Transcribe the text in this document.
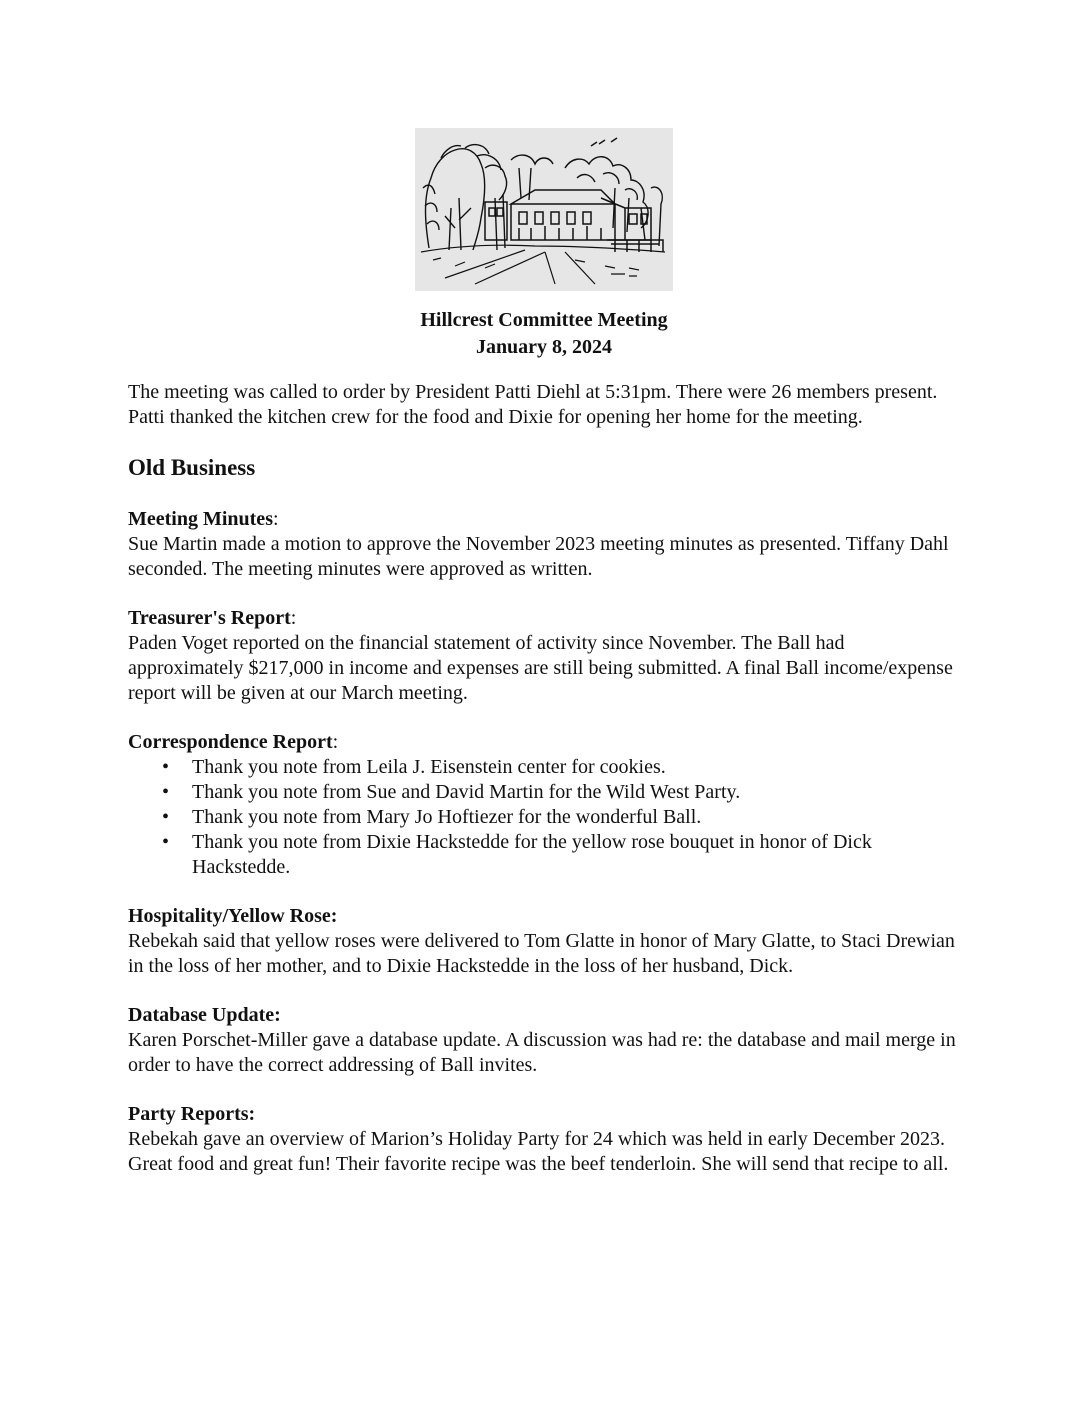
Hillcrest Committee Meeting
January 8, 2024

The meeting was called to order by President Patti Diehl at 5:31pm. There were 26 members present. Patti thanked the kitchen crew for the food and Dixie for opening her home for the meeting.

Old Business

Meeting Minutes:

Sue Martin made a motion to approve the November 2023 meeting minutes as presented. Tiffany Dahl seconded. The meeting minutes were approved as written.

Treasurer's Report:

Paden Voget reported on the financial statement of activity since November. The Ball had approximately $217,000 in income and expenses are still being submitted. A final Ball income/expense report will be given at our March meeting.

Correspondence Report:

• Thank you note from Leila J. Eisenstein center for cookies.
• Thank you note from Sue and David Martin for the Wild West Party.
• Thank you note from Mary Jo Hoftiezer for the wonderful Ball.
• Thank you note from Dixie Hackstedde for the yellow rose bouquet in honor of Dick Hackstedde.

Hospitality/Yellow Rose:

Rebekah said that yellow roses were delivered to Tom Glatte in honor of Mary Glatte, to Staci Drewian in the loss of her mother, and to Dixie Hackstedde in the loss of her husband, Dick.

Database Update:

Karen Porschet-Miller gave a database update. A discussion was had re: the database and mail merge in order to have the correct addressing of Ball invites.

Party Reports:

Rebekah gave an overview of Marion’s Holiday Party for 24 which was held in early December 2023. Great food and great fun! Their favorite recipe was the beef tenderloin. She will send that recipe to all.
